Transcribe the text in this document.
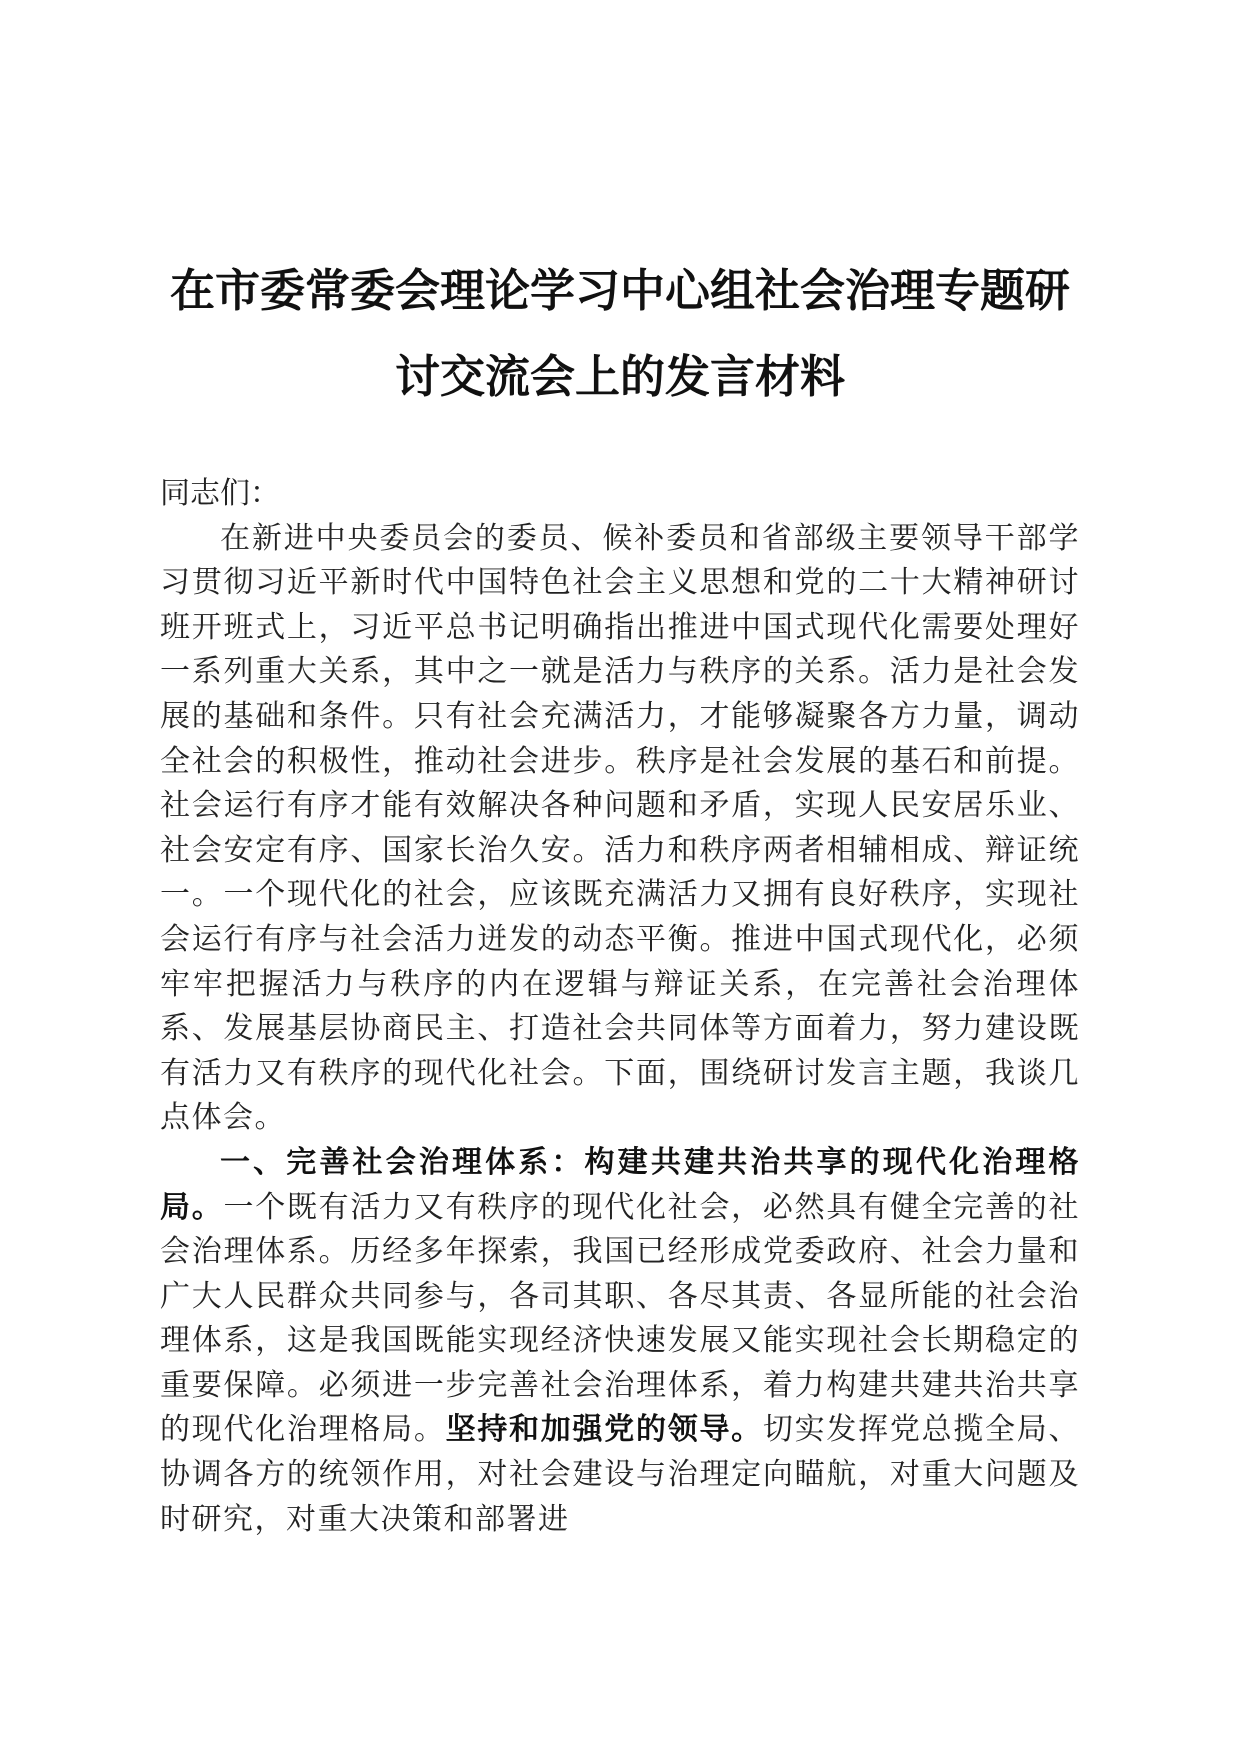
在市委常委会理论学习中心组社会治理专题研
讨交流会上的发言材料

同志们：

在新进中央委员会的委员、候补委员和省部级主要领导干部学习贯彻习近平新时代中国特色社会主义思想和党的二十大精神研讨班开班式上，习近平总书记明确指出推进中国式现代化需要处理好一系列重大关系，其中之一就是活力与秩序的关系。活力是社会发展的基础和条件。只有社会充满活力，才能够凝聚各方力量，调动全社会的积极性，推动社会进步。秩序是社会发展的基石和前提。社会运行有序才能有效解决各种问题和矛盾，实现人民安居乐业、社会安定有序、国家长治久安。活力和秩序两者相辅相成、辩证统一。一个现代化的社会，应该既充满活力又拥有良好秩序，实现社会运行有序与社会活力迸发的动态平衡。推进中国式现代化，必须牢牢把握活力与秩序的内在逻辑与辩证关系，在完善社会治理体系、发展基层协商民主、打造社会共同体等方面着力，努力建设既有活力又有秩序的现代化社会。下面，围绕研讨发言主题，我谈几点体会。

一、完善社会治理体系：构建共建共治共享的现代化治理格局。一个既有活力又有秩序的现代化社会，必然具有健全完善的社会治理体系。历经多年探索，我国已经形成党委政府、社会力量和广大人民群众共同参与，各司其职、各尽其责、各显所能的社会治理体系，这是我国既能实现经济快速发展又能实现社会长期稳定的重要保障。必须进一步完善社会治理体系，着力构建共建共治共享的现代化治理格局。坚持和加强党的领导。切实发挥党总揽全局、协调各方的统领作用，对社会建设与治理定向瞄航，对重大问题及时研究，对重大决策和部署进
